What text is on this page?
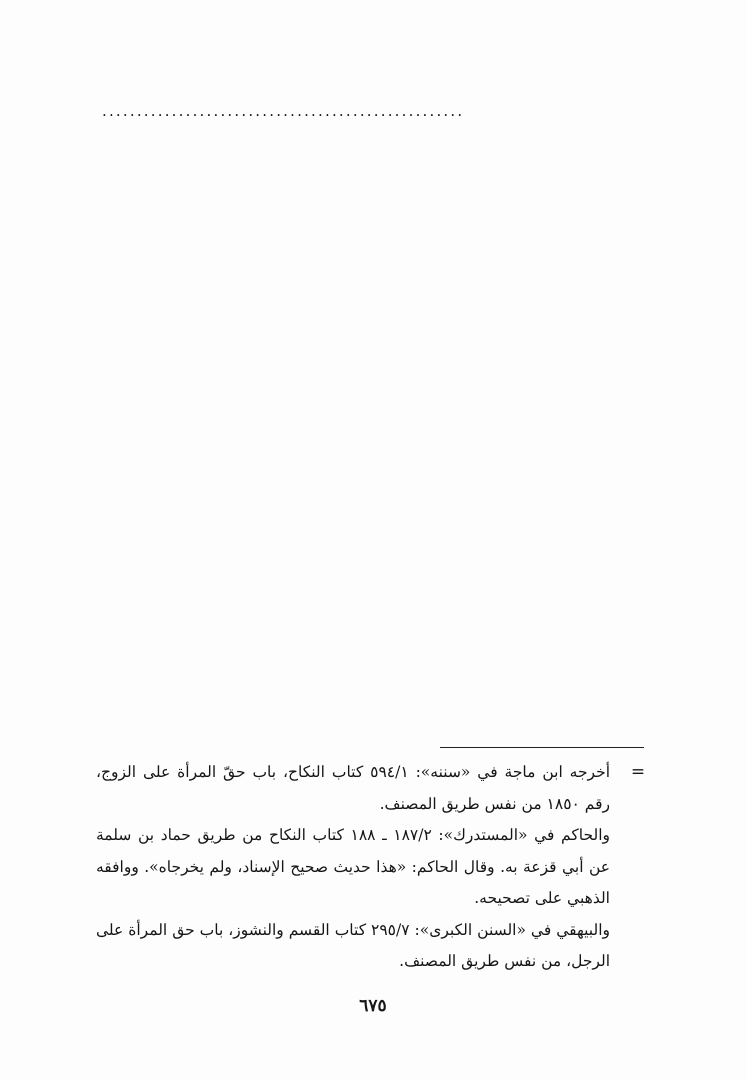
....................................................
=

أخرجه ابن ماجة في «سننه»: ٥٩٤/١ كتاب النكاح، باب حقّ المرأة على الزوج، رقم ١٨٥٠ من نفس طريق المصنف.

والحاكم في «المستدرك»: ١٨٧/٢ ـ ١٨٨ كتاب النكاح من طريق حماد بن سلمة عن أبي قزعة به. وقال الحاكم: «هذا حديث صحيح الإسناد، ولم يخرجاه». ووافقه الذهبي على تصحيحه.

والبيهقي في «السنن الكبرى»: ٢٩٥/٧ كتاب القسم والنشوز، باب حق المرأة على الرجل، من نفس طريق المصنف.

٦٧٥
